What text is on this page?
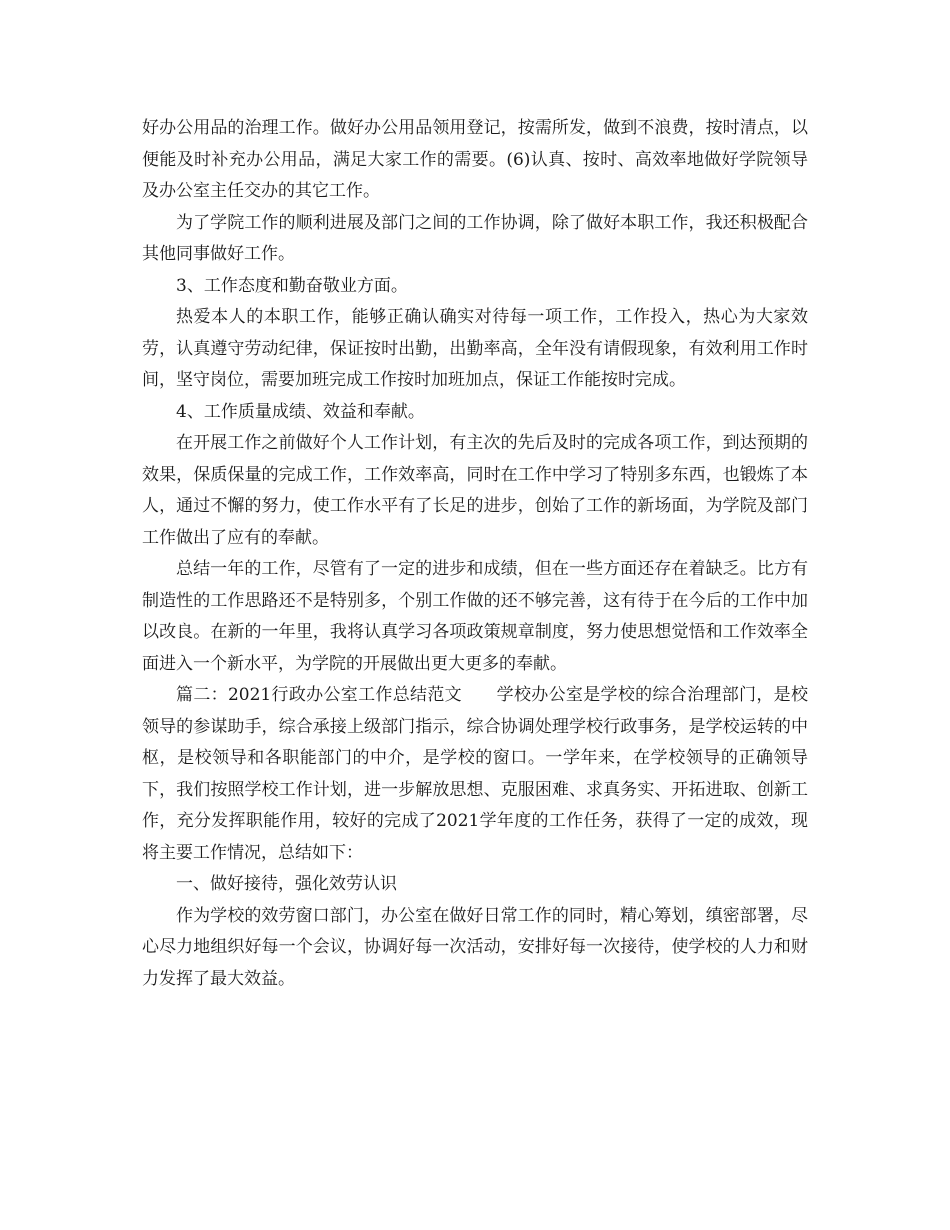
好办公用品的治理工作。做好办公用品领用登记，按需所发，做到不浪费，按时清点，以便能及时补充办公用品，满足大家工作的需要。(6)认真、按时、高效率地做好学院领导及办公室主任交办的其它工作。

为了学院工作的顺利进展及部门之间的工作协调，除了做好本职工作，我还积极配合其他同事做好工作。

3、工作态度和勤奋敬业方面。

热爱本人的本职工作，能够正确认确实对待每一项工作，工作投入，热心为大家效劳，认真遵守劳动纪律，保证按时出勤，出勤率高，全年没有请假现象，有效利用工作时间，坚守岗位，需要加班完成工作按时加班加点，保证工作能按时完成。

4、工作质量成绩、效益和奉献。

在开展工作之前做好个人工作计划，有主次的先后及时的完成各项工作，到达预期的效果，保质保量的完成工作，工作效率高，同时在工作中学习了特别多东西，也锻炼了本人，通过不懈的努力，使工作水平有了长足的进步，创始了工作的新场面，为学院及部门工作做出了应有的奉献。

总结一年的工作，尽管有了一定的进步和成绩，但在一些方面还存在着缺乏。比方有制造性的工作思路还不是特别多，个别工作做的还不够完善，这有待于在今后的工作中加以改良。在新的一年里，我将认真学习各项政策规章制度，努力使思想觉悟和工作效率全面进入一个新水平，为学院的开展做出更大更多的奉献。

篇二：2021行政办公室工作总结范文　　学校办公室是学校的综合治理部门，是校领导的参谋助手，综合承接上级部门指示，综合协调处理学校行政事务，是学校运转的中枢，是校领导和各职能部门的中介，是学校的窗口。一学年来，在学校领导的正确领导下，我们按照学校工作计划，进一步解放思想、克服困难、求真务实、开拓进取、创新工作，充分发挥职能作用，较好的完成了2021学年度的工作任务，获得了一定的成效，现将主要工作情况，总结如下：

一、做好接待，强化效劳认识

作为学校的效劳窗口部门，办公室在做好日常工作的同时，精心筹划，缜密部署，尽心尽力地组织好每一个会议，协调好每一次活动，安排好每一次接待，使学校的人力和财力发挥了最大效益。
